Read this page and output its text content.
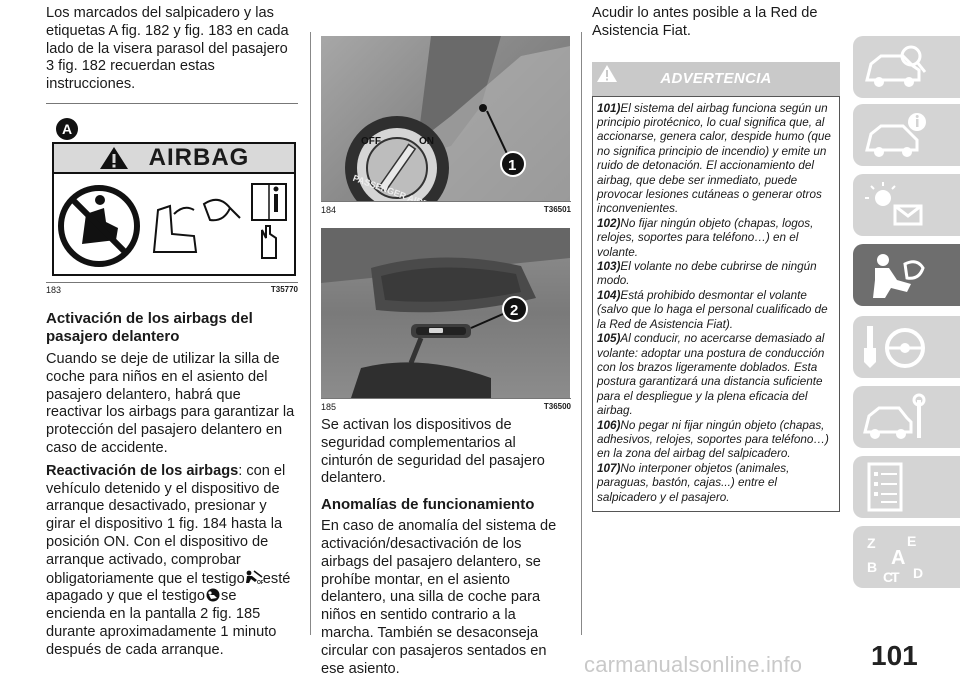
Los marcados del salpicadero y las etiquetas A fig. 182 y fig. 183 en cada lado de la visera parasol del pasajero 3 fig. 182 recuerdan estas instrucciones.

A
AIRBAG
183	T35770
Activación de los airbags del pasajero delantero

Cuando se deje de utilizar la silla de coche para niños en el asiento del pasajero delantero, habrá que reactivar los airbags para garantizar la protección del pasajero delantero en caso de accidente.

Reactivación de los airbags: con el vehículo detenido y el dispositivo de arranque desactivado, presionar y girar el dispositivo 1 fig. 184 hasta la posición ON. Con el dispositivo de arranque activado, comprobar obligatoriamente que el testigo OF esté apagado y que el testigo se encienda en la pantalla 2 fig. 185 durante aproximadamente 1 minuto después de cada arranque.

OFF	ON
PASSENGER
1
184	T36501
2
185	T36500

Se activan los dispositivos de seguridad complementarios al cinturón de seguridad del pasajero delantero.

Anomalías de funcionamiento

En caso de anomalía del sistema de activación/desactivación de los airbags del pasajero delantero, se prohíbe montar, en el asiento delantero, una silla de coche para niños en sentido contrario a la marcha. También se desaconseja circular con pasajeros sentados en ese asiento.

Acudir lo antes posible a la Red de Asistencia Fiat.

ADVERTENCIA

101)El sistema del airbag funciona según un principio pirotécnico, lo cual significa que, al accionarse, genera calor, despide humo (que no significa principio de incendio) y emite un ruido de detonación. El accionamiento del airbag, que debe ser inmediato, puede provocar lesiones cutáneas o generar otros inconvenientes.

102)No fijar ningún objeto (chapas, logos, relojes, soportes para teléfono…) en el volante.

103)El volante no debe cubrirse de ningún modo.

104)Está prohibido desmontar el volante (salvo que lo haga el personal cualificado de la Red de Asistencia Fiat).

105)Al conducir, no acercarse demasiado al volante: adoptar una postura de conducción con los brazos ligeramente doblados. Esta postura garantizará una distancia suficiente para el despliegue y la plena eficacia del airbag.

106)No pegar ni fijar ningún objeto (chapas, adhesivos, relojes, soportes para teléfono…) en la zona del airbag del salpicadero.

107)No interponer objetos (animales, paraguas, bastón, cajas...) entre el salpicadero y el pasajero.

Z E
B A
C
T D
101
carmanualsonline.info
